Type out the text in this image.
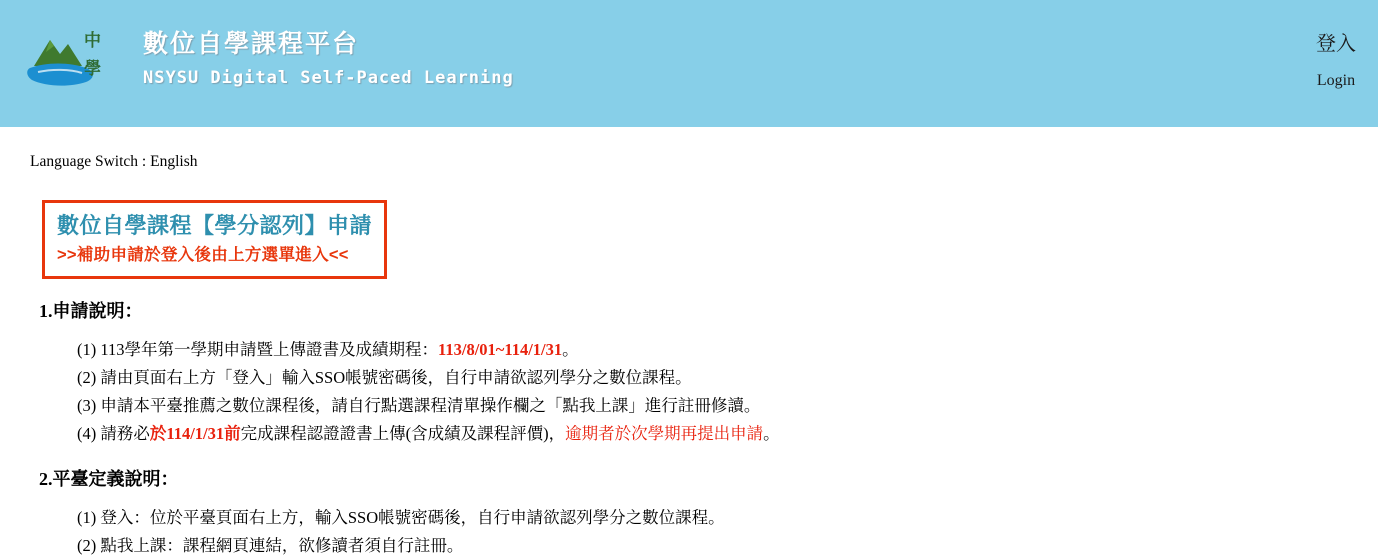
中
學
數位自學課程平台
NSYSU Digital Self-Paced Learning
登入
Login
Language Switch : English
數位自學課程【學分認列】申請
>>補助申請於登入後由上方選單進入<<
1.申請說明：
(1) 113學年第一學期申請暨上傳證書及成績期程：113/8/01~114/1/31。
(2) 請由頁面右上方「登入」輸入SSO帳號密碼後，自行申請欲認列學分之數位課程。
(3) 申請本平臺推薦之數位課程後，請自行點選課程清單操作欄之「點我上課」進行註冊修讀。
(4) 請務必於114/1/31前完成課程認證證書上傳(含成績及課程評價)，逾期者於次學期再提出申請。
2.平臺定義說明：
(1) 登入：位於平臺頁面右上方，輸入SSO帳號密碼後，自行申請欲認列學分之數位課程。
(2) 點我上課：課程網頁連結，欲修讀者須自行註冊。
